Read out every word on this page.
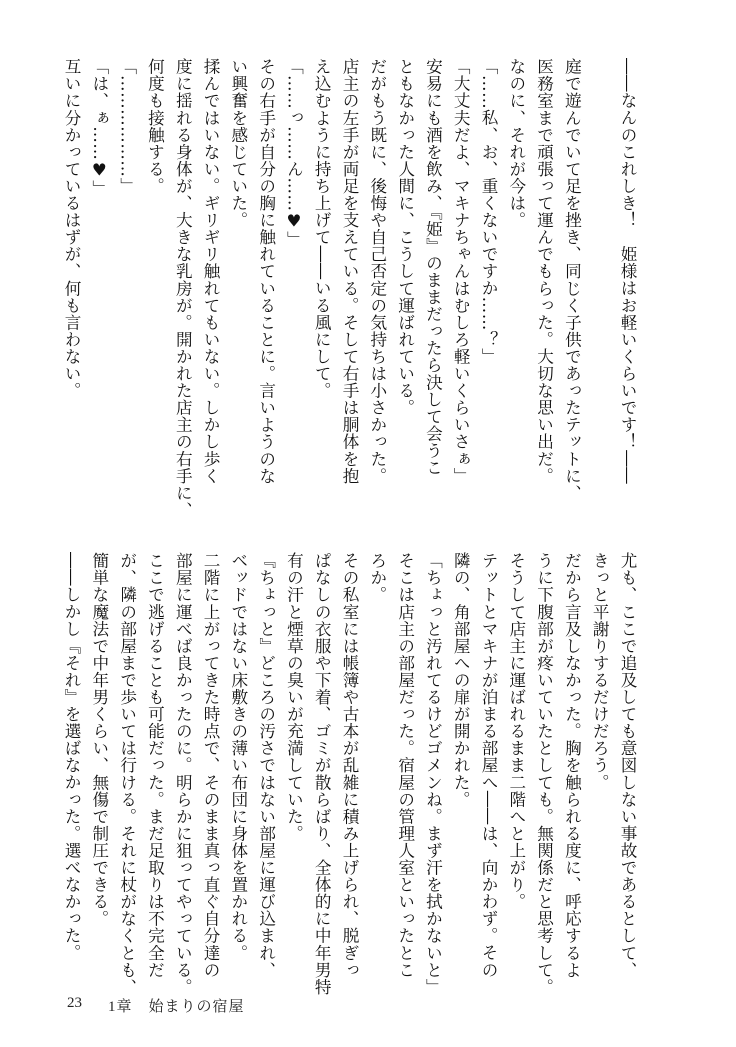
――なんのこれしき！　姫様はお軽いくらいです！――

庭で遊んでいて足を挫き、同じく子供であったテットに、
医務室まで頑張って運んでもらった。大切な思い出だ。
なのに、それが今は。
「……私、お、重くないですか……？」
「大丈夫だよ、マキナちゃんはむしろ軽いくらいさぁ」
安易にも酒を飲み、『姫』のままだったら決して会うこ
ともなかった人間に、こうして運ばれている。
だがもう既に、後悔や自己否定の気持ちは小さかった。
店主の左手が両足を支えている。そして右手は胴体を抱
え込むように持ち上げて――いる風にして。
「……っ……ん……♥」
その右手が自分の胸に触れていることに。言いようのな
い興奮を感じていた。
揉んではいない。ギリギリ触れてもいない。しかし歩く
度に揺れる身体が、大きな乳房が。開かれた店主の右手に、
何度も接触する。
「………………」
「は、ぁ……♥」
互いに分かっているはずが、何も言わない。
尤も、ここで追及しても意図しない事故であるとして、
きっと平謝りするだけだろう。
だから言及しなかった。胸を触られる度に、呼応するよ
うに下腹部が疼いていたとしても。無関係だと思考して。
そうして店主に運ばれるまま二階へと上がり。
テットとマキナが泊まる部屋へ――は、向かわず。その
隣の、角部屋への扉が開かれた。
「ちょっと汚れてるけどゴメンね。まず汗を拭かないと」
そこは店主の部屋だった。宿屋の管理人室といったとこ
ろか。
その私室には帳簿や古本が乱雑に積み上げられ、脱ぎっ
ぱなしの衣服や下着、ゴミが散らばり、全体的に中年男特
有の汗と煙草の臭いが充満していた。
『ちょっと』どころの汚さではない部屋に運び込まれ、
ベッドではない床敷きの薄い布団に身体を置かれる。
二階に上がってきた時点で、そのまま真っ直ぐ自分達の
部屋に運べば良かったのに。明らかに狙ってやっている。
ここで逃げることも可能だった。まだ足取りは不完全だ
が、隣の部屋まで歩いては行ける。それに杖がなくとも、
簡単な魔法で中年男くらい、無傷で制圧できる。
――しかし『それ』を選ばなかった。選べなかった。
23 1章　始まりの宿屋
